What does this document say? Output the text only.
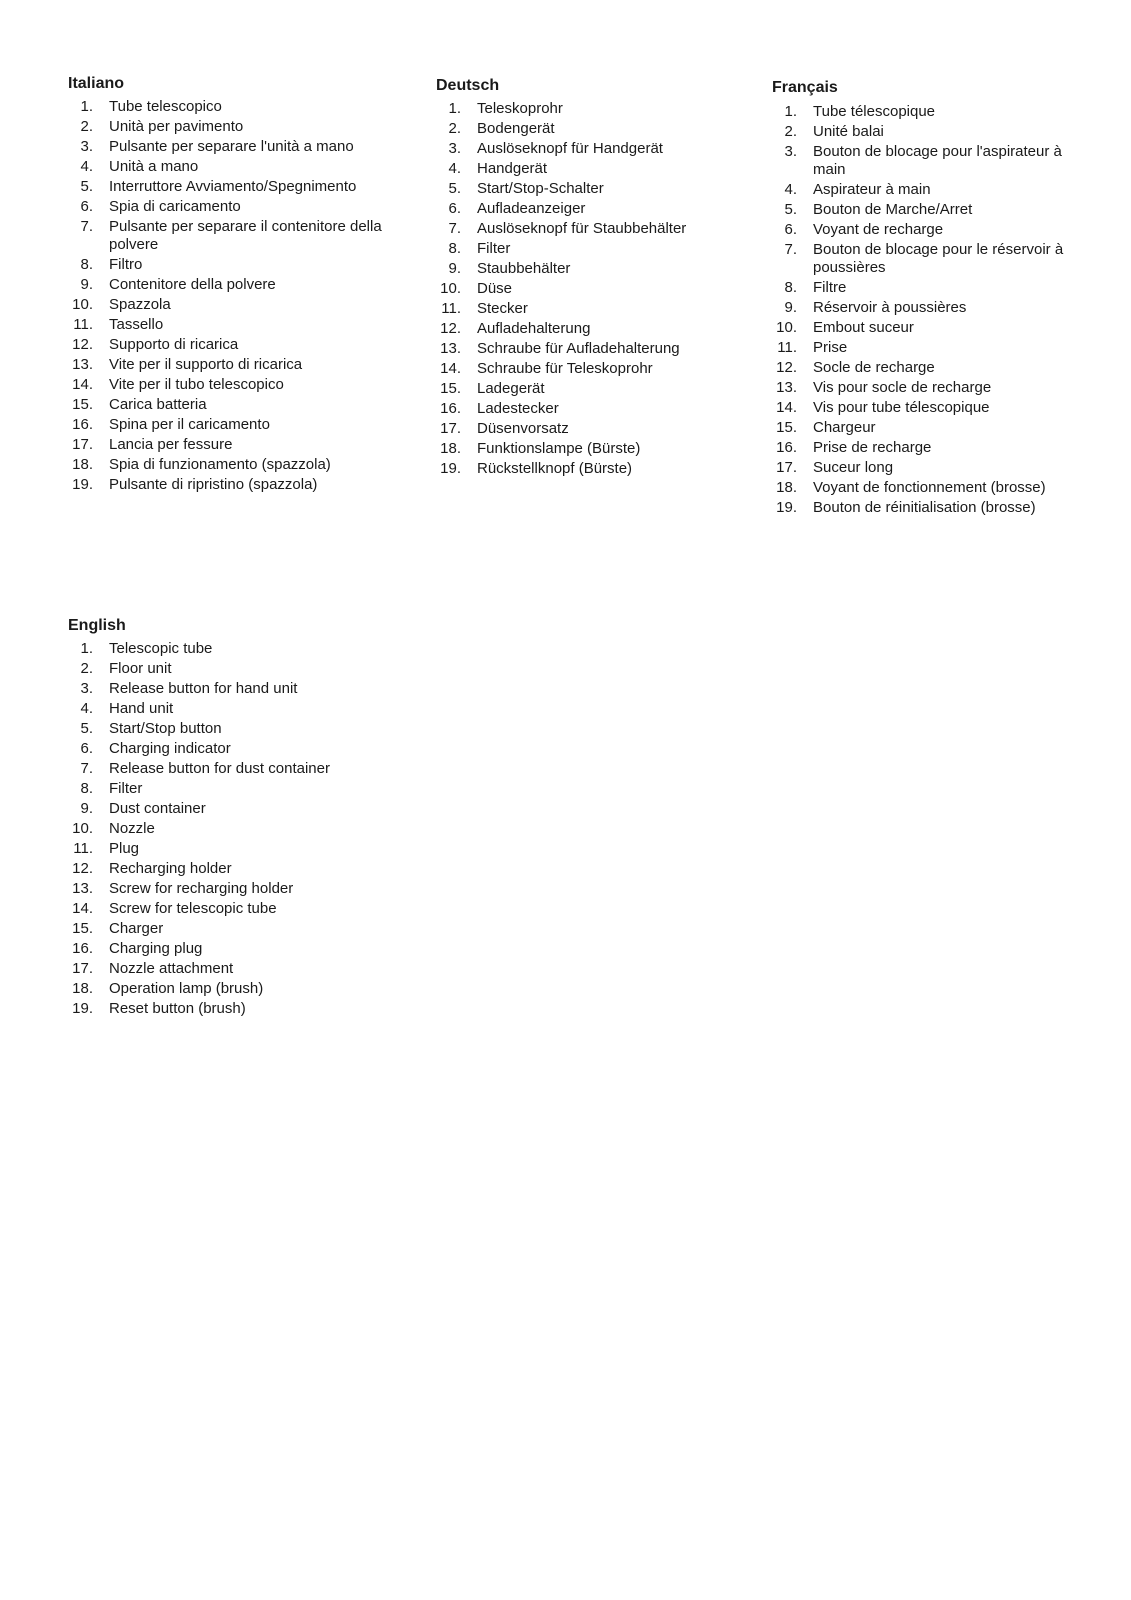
Italiano
1. Tube telescopico
2. Unità per pavimento
3. Pulsante per separare l'unità a mano
4. Unità a mano
5. Interruttore Avviamento/Spegnimento
6. Spia di caricamento
7. Pulsante per separare il contenitore della polvere
8. Filtro
9. Contenitore della polvere
10. Spazzola
11. Tassello
12. Supporto di ricarica
13. Vite per il supporto di ricarica
14. Vite per il tubo telescopico
15. Carica batteria
16. Spina per il caricamento
17. Lancia per fessure
18. Spia di funzionamento (spazzola)
19. Pulsante di ripristino (spazzola)
Deutsch
1. Teleskoprohr
2. Bodengerät
3. Auslöseknopf für Handgerät
4. Handgerät
5. Start/Stop-Schalter
6. Aufladeanzeiger
7. Auslöseknopf für Staubbehälter
8. Filter
9. Staubbehälter
10. Düse
11. Stecker
12. Aufladehalterung
13. Schraube für Aufladehalterung
14. Schraube für Teleskoprohr
15. Ladegerät
16. Ladestecker
17. Düsenvorsatz
18. Funktionslampe (Bürste)
19. Rückstellknopf (Bürste)
Français
1. Tube télescopique
2. Unité balai
3. Bouton de blocage pour l'aspirateur à main
4. Aspirateur à main
5. Bouton de Marche/Arret
6. Voyant de recharge
7. Bouton de blocage pour le réservoir à poussières
8. Filtre
9. Réservoir à poussières
10. Embout suceur
11. Prise
12. Socle de recharge
13. Vis pour socle de recharge
14. Vis pour tube télescopique
15. Chargeur
16. Prise de recharge
17. Suceur long
18. Voyant de fonctionnement (brosse)
19. Bouton de réinitialisation (brosse)
English
1. Telescopic tube
2. Floor unit
3. Release button for hand unit
4. Hand unit
5. Start/Stop button
6. Charging indicator
7. Release button for dust container
8. Filter
9. Dust container
10. Nozzle
11. Plug
12. Recharging holder
13. Screw for recharging holder
14. Screw for telescopic tube
15. Charger
16. Charging plug
17. Nozzle attachment
18. Operation lamp (brush)
19. Reset button (brush)
